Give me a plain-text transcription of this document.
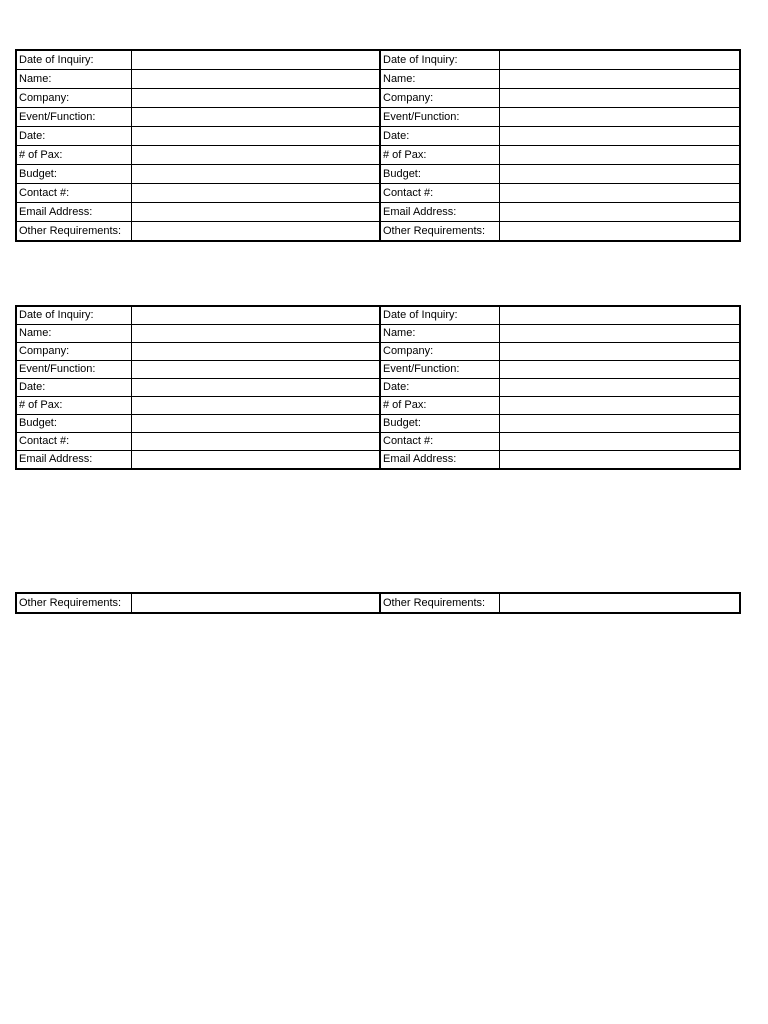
Date of Inquiry:		Date of Inquiry:	
Name:		Name:	
Company:		Company:	
Event/Function:		Event/Function:	
Date:		Date:	
# of Pax:		# of Pax:	
Budget:		Budget:	
Contact #:		Contact #:	
Email Address:		Email Address:	
Other Requirements:		Other Requirements:	
Date of Inquiry:		Date of Inquiry:	
Name:		Name:	
Company:		Company:	
Event/Function:		Event/Function:	
Date:		Date:	
# of Pax:		# of Pax:	
Budget:		Budget:	
Contact #:		Contact #:	
Email Address:		Email Address:	
Other Requirements:		Other Requirements:	
